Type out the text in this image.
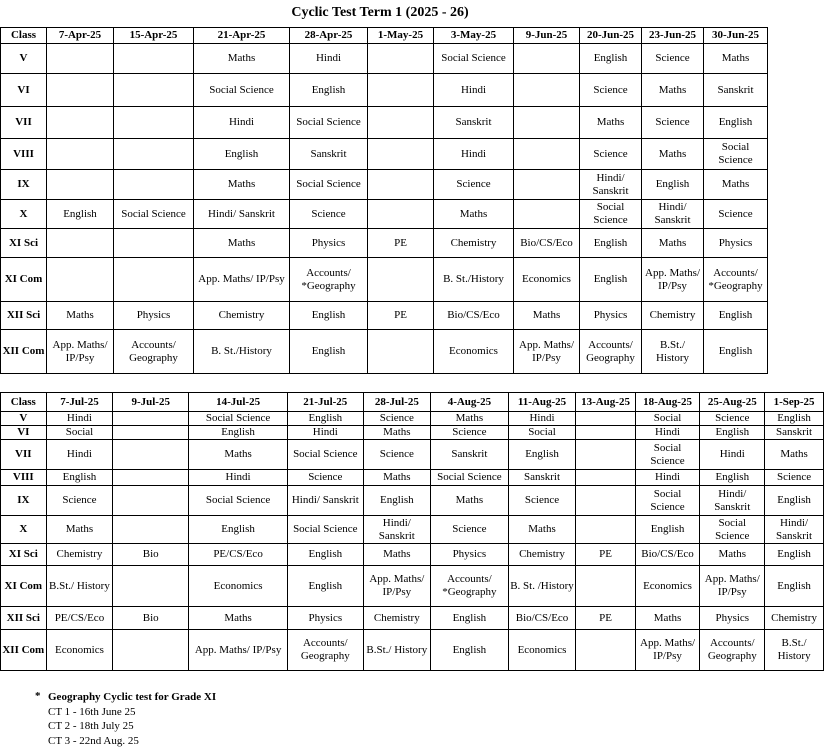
Cyclic Test Term 1 (2025 - 26)
Class	7-Apr-25	15-Apr-25	21-Apr-25	28-Apr-25	1-May-25	3-May-25	9-Jun-25	20-Jun-25	23-Jun-25	30-Jun-25
V			Maths	Hindi		Social Science		English	Science	Maths
VI			Social Science	English		Hindi		Science	Maths	Sanskrit
VII			Hindi	Social Science		Sanskrit		Maths	Science	English
VIII			English	Sanskrit		Hindi		Science	Maths	Social Science
IX			Maths	Social Science		Science		Hindi/ Sanskrit	English	Maths
X	English	Social Science	Hindi/ Sanskrit	Science		Maths		Social Science	Hindi/ Sanskrit	Science
XI Sci			Maths	Physics	PE	Chemistry	Bio/CS/Eco	English	Maths	Physics
XI Com			App. Maths/ IP/Psy	Accounts/ *Geography		B. St./History	Economics	English	App. Maths/ IP/Psy	Accounts/ *Geography
XII Sci	Maths	Physics	Chemistry	English	PE	Bio/CS/Eco	Maths	Physics	Chemistry	English
XII Com	App. Maths/ IP/Psy	Accounts/ Geography	B. St./History	English		Economics	App. Maths/ IP/Psy	Accounts/ Geography	B.St./ History	English
Class	7-Jul-25	9-Jul-25	14-Jul-25	21-Jul-25	28-Jul-25	4-Aug-25	11-Aug-25	13-Aug-25	18-Aug-25	25-Aug-25	1-Sep-25
V	Hindi		Social Science	English	Science	Maths	Hindi		Social	Science	English
VI	Social		English	Hindi	Maths	Science	Social		Hindi	English	Sanskrit
VII	Hindi		Maths	Social Science	Science	Sanskrit	English		Social Science	Hindi	Maths
VIII	English		Hindi	Science	Maths	Social Science	Sanskrit		Hindi	English	Science
IX	Science		Social Science	Hindi/ Sanskrit	English	Maths	Science		Social Science	Hindi/ Sanskrit	English
X	Maths		English	Social Science	Hindi/ Sanskrit	Science	Maths		English	Social Science	Hindi/ Sanskrit
XI Sci	Chemistry	Bio	PE/CS/Eco	English	Maths	Physics	Chemistry	PE	Bio/CS/Eco	Maths	English
XI Com	B.St./ History		Economics	English	App. Maths/ IP/Psy	Accounts/ *Geography	B. St. /History		Economics	App. Maths/ IP/Psy	English
XII Sci	PE/CS/Eco	Bio	Maths	Physics	Chemistry	English	Bio/CS/Eco	PE	Maths	Physics	Chemistry
XII Com	Economics		App. Maths/ IP/Psy	Accounts/ Geography	B.St./ History	English	Economics		App. Maths/ IP/Psy	Accounts/ Geography	B.St./ History
* Geography Cyclic test for Grade XI
CT 1 - 16th June 25
CT 2 - 18th July 25
CT 3 - 22nd Aug. 25
